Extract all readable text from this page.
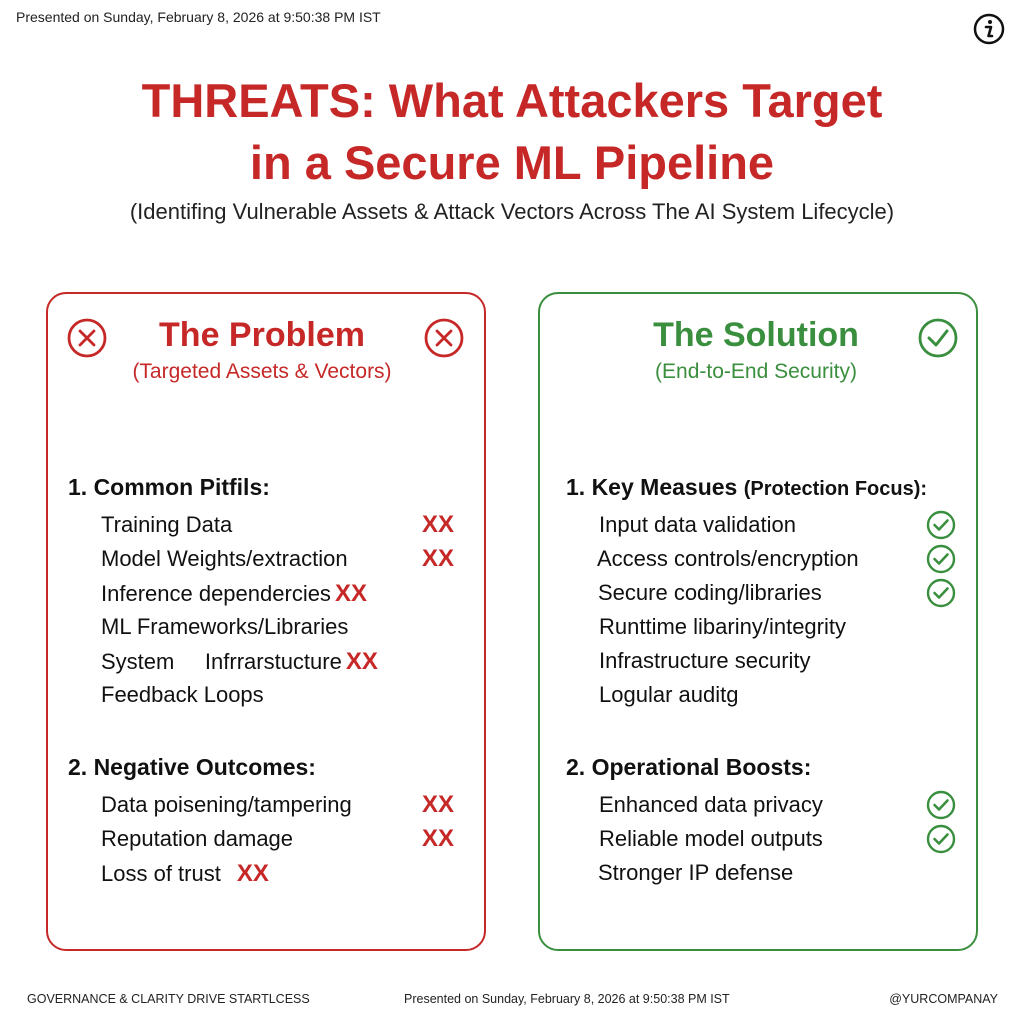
Presented on Sunday, February 8, 2026 at 9:50:38 PM IST
THREATS: What Attackers Target
in a Secure ML Pipeline
(Identifing Vulnerable Assets & Attack Vectors Across The AI System Lifecycle)
The Problem
(Targeted Assets & Vectors)
1. Common Pitfils:
Training Data	XX
Model Weights/extraction	XX
Inference dependercies XX
ML Frameworks/Libraries
System     Infrrarstucture XX
Feedback Loops
2. Negative Outcomes:
Data poisening/tampering	XX
Reputation damage	XX
Loss of trust XX
The Solution
(End-to-End Security)
1. Key Measues (Protection Focus):
Input data validation
Access controls/encryption
Secure coding/libraries
Runttime libariny/integrity
Infrastructure security
Logular auditg
2. Operational Boosts:
Enhanced data privacy
Reliable model outputs
Stronger IP defense
GOVERNANCE & CLARITY DRIVE STARTLCESS	Presented on Sunday, February 8, 2026 at 9:50:38 PM IST	@YURCOMPANAY
